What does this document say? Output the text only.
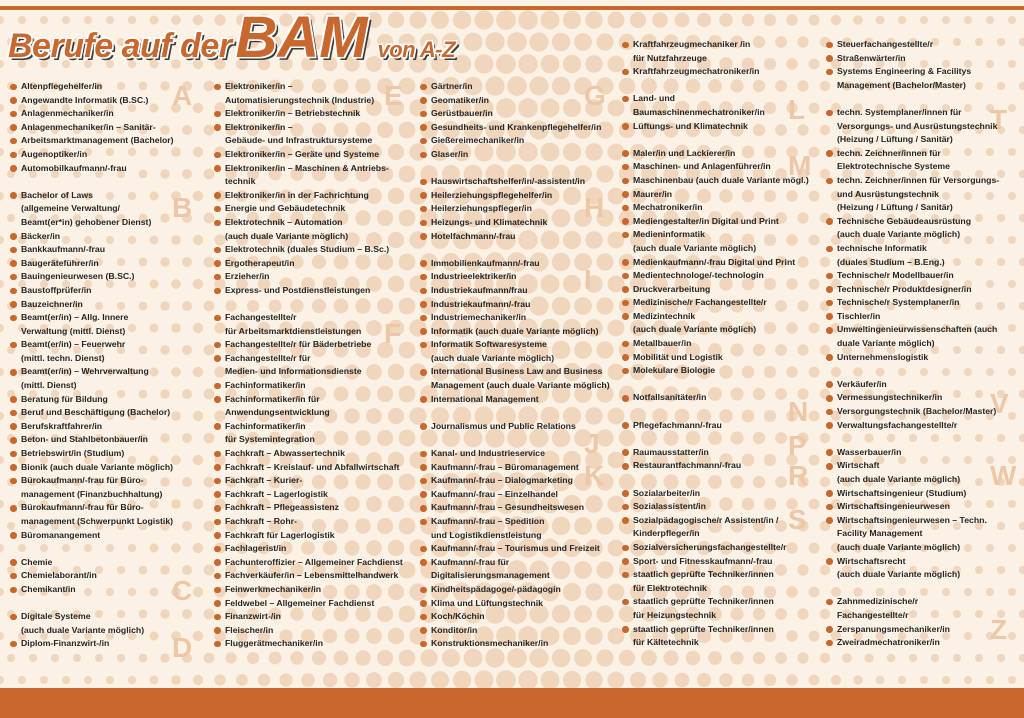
Berufe auf der BAM von A-Z
A
B
C
D
E
F
G
H
I
J
K
L
M
N
P
R
S
T
V
W
Z
Altenpflegehelfer/in
Angewandte Informatik (B.SC.)
Anlagenmechaniker/in
Anlagenmechaniker/in – Sanitär-
Arbeitsmarktmanagement (Bachelor)
Augenoptiker/in
Automobilkaufmann/-frau
Bachelor of Laws
(allgemeine Verwaltung/
Beamt(er*in) gehobener Dienst)
Bäcker/in
Bankkaufmann/-frau
Baugeräteführer/in
Bauingenieurwesen (B.SC.)
Baustoffprüfer/in
Bauzeichner/in
Beamt(er/in) – Allg. Innere
Verwaltung (mittl. Dienst)
Beamt(er/in) – Feuerwehr
(mittl. techn. Dienst)
Beamt(er/in) – Wehrverwaltung
(mittl. Dienst)
Beratung für Bildung
Beruf und Beschäftigung (Bachelor)
Berufskraftfahrer/in
Beton- und Stahlbetonbauer/in
Betriebswirt/in (Studium)
Bionik (auch duale Variante möglich)
Bürokaufmann/-frau für Büro-
management (Finanzbuchhaltung)
Bürokaufmann/-frau für Büro-
management (Schwerpunkt Logistik)
Büromanangement
Chemie
Chemielaborant/in
Chemikant/in
Digitale Systeme
(auch duale Variante möglich)
Diplom-Finanzwirt-/in
Elektroniker/in –
Automatisierungstechnik (Industrie)
Elektroniker/in – Betriebstechnik
Elektroniker/in –
Gebäude- und Infrastruktursysteme
Elektroniker/in – Geräte und Systeme
Elektroniker/in – Maschinen & Antriebs-
technik
Elektroniker/in in der Fachrichtung
Energie und Gebäudetechnik
Elektrotechnik – Automation
(auch duale Variante möglich)
Elektrotechnik (duales Studium – B.Sc.)
Ergotherapeut/in
Erzieher/in
Express- und Postdienstleistungen
Fachangestellte/r
für Arbeitsmarktdienstleistungen
Fachangestellte/r für Bäderbetriebe
Fachangestellte/r für
Medien- und Informationsdienste
Fachinformatiker/in
Fachinformatiker/in für
Anwendungsentwicklung
Fachinformatiker/in
für Systemintegration
Fachkraft – Abwassertechnik
Fachkraft – Kreislauf- und Abfallwirtschaft
Fachkraft – Kurier-
Fachkraft – Lagerlogistik
Fachkraft – Pflegeassistenz
Fachkraft – Rohr-
Fachkraft für Lagerlogistik
Fachlagerist/in
Fachunteroffizier – Allgemeiner Fachdienst
Fachverkäufer/in – Lebensmittelhandwerk
Feinwerkmechaniker/in
Feldwebel – Allgemeiner Fachdienst
Finanzwirt-/in
Fleischer/in
Fluggerätmechaniker/in
Gärtner/in
Geomatiker/in
Gerüstbauer/in
Gesundheits- und Krankenpflegehelfer/in
Gießereimechaniker/in
Glaser/in
Hauswirtschaftshelfer/in/-assistent/in
Heilerziehungspflegehelfer/in
Heilerziehungspfleger/in
Heizungs- und Klimatechnik
Hotelfachmann/-frau
Immobilienkaufmann/-frau
Industrieelektriker/in
Industriekaufmann/frau
Industriekaufmann/-frau
Industriemechaniker/in
Informatik (auch duale Variante möglich)
Informatik Softwaresysteme
(auch duale Variante möglich)
International Business Law and Business
Management (auch duale Variante möglich)
International Management
Journalismus und Public Relations
Kanal- und Industrieservice
Kaufmann/-frau – Büromanagement
Kaufmann/-frau – Dialogmarketing
Kaufmann/-frau – Einzelhandel
Kaufmann/-frau – Gesundheitswesen
Kaufmann/-frau – Spedition
und Logistikdienstleistung
Kaufmann/-frau – Tourismus und Freizeit
Kaufmann/-frau für
Digitalisierungsmanagement
Kindheitspädagoge/-pädagogin
Klima und Lüftungstechnik
Koch/Köchin
Konditor/in
Konstruktionsmechaniker/in
Kraftfahrzeugmechaniker /in
für Nutzfahrzeuge
Kraftfahrzeugmechatroniker/in
Land- und
Baumaschinenmechatroniker/in
Lüftungs- und Klimatechnik
Maler/in und Lackierer/in
Maschinen- und Anlagenführer/in
Maschinenbau (auch duale Variante mögl.)
Maurer/in
Mechatroniker/in
Mediengestalter/in Digital und Print
Medieninformatik
(auch duale Variante möglich)
Medienkaufmann/-frau Digital und Print
Medientechnologe/-technologin
Druckverarbeitung
Medizinische/r Fachangestellte/r
Medizintechnik
(auch duale Variante möglich)
Metallbauer/in
Mobilität und Logistik
Molekulare Biologie
Notfallsanitäter/in
Pflegefachmann/-frau
Raumausstatter/in
Restaurantfachmann/-frau
Sozialarbeiter/in
Sozialassistent/in
Sozialpädagogische/r Assistent/in /
Kinderpfleger/in
Sozialversicherungsfachangestellte/r
Sport- und Fitnesskaufmann/-frau
staatlich geprüfte Techniker/innen
für Elektrotechnik
staatlich geprüfte Techniker/innen
für Heizungstechnik
staatlich geprüfte Techniker/innen
für Kältetechnik
Steuerfachangestellte/r
Straßenwärter/in
Systems Engineering & Facilitys
Management (Bachelor/Master)
techn. Systemplaner/innen für
Versorgungs- und Ausrüstungstechnik
(Heizung / Lüftung / Sanitär)
techn. Zeichner/innen für
Elektrotechnische Systeme
techn. Zeichner/innen für Versorgungs-
und Ausrüstungstechnik
(Heizung / Lüftung / Sanitär)
Technische Gebäudeausrüstung
(auch duale Variante möglich)
technische Informatik
(duales Studium – B.Eng.)
Technische/r Modellbauer/in
Technische/r Produktdesigner/in
Technische/r Systemplaner/in
Tischler/in
Umweltingenieurwissenschaften (auch
duale Variante möglich)
Unternehmenslogistik
Verkäufer/in
Vermessungstechniker/in
Versorgungstechnik (Bachelor/Master)
Verwaltungsfachangestellte/r
Wasserbauer/in
Wirtschaft
(auch duale Variante möglich)
Wirtschaftsingenieur (Studium)
Wirtschaftsingenieurwesen
Wirtschaftsingenieurwesen – Techn.
Facility Management
(auch duale Variante möglich)
Wirtschaftsrecht
(auch duale Variante möglich)
Zahnmedizinische/r
Fachangestellte/r
Zerspanungsmechaniker/in
Zweiradmechatroniker/in
